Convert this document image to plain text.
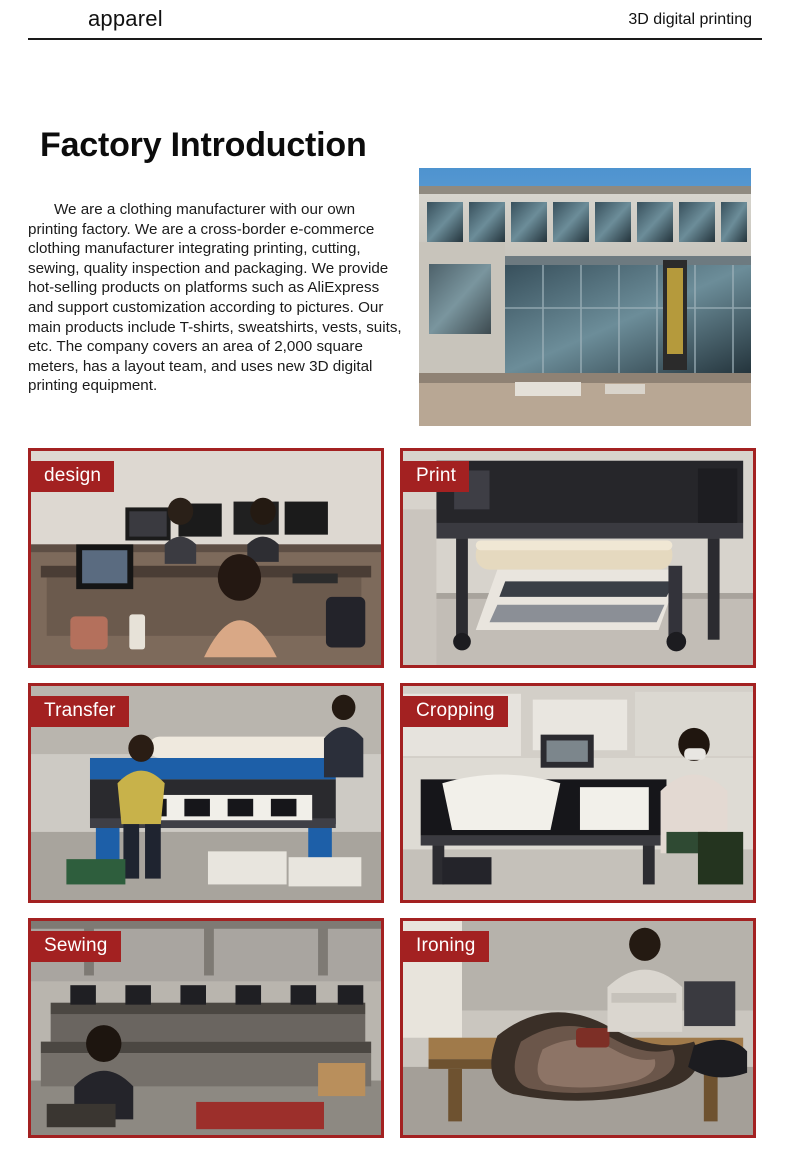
apparel	3D digital printing
Factory Introduction
We are a clothing manufacturer with our own printing factory. We are a cross-border e-commerce clothing manufacturer integrating printing, cutting, sewing, quality inspection and packaging. We provide hot-selling products on platforms such as AliExpress and support customization according to pictures. Our main products include T-shirts, sweatshirts, vests, suits, etc. The company covers an area of 2,000 square meters, has a layout team, and uses new 3D digital printing equipment.
design	Print
Transfer	Cropping
Sewing	Ironing
